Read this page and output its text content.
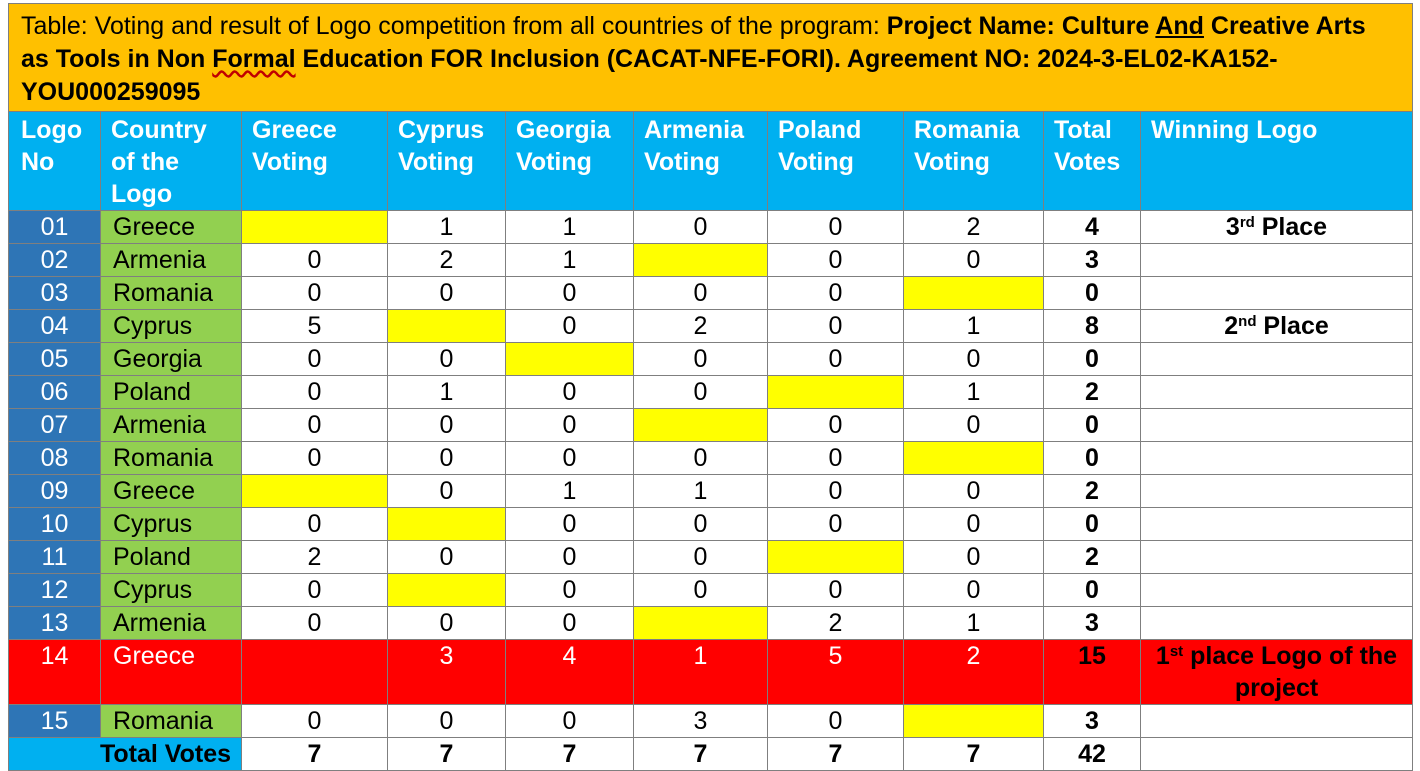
Table: Voting and result of Logo competition from all countries of the program: Project Name: Culture And Creative Arts as Tools in Non Formal Education FOR Inclusion (CACAT-NFE-FORI). Agreement NO: 2024-3-EL02-KA152-YOU000259095									
Logo No	Country of the Logo	Greece Voting	Cyprus Voting	Georgia Voting	Armenia Voting	Poland Voting	Romania Voting	Total Votes	Winning Logo
01	Greece		1	1	0	0	2	4	3rd Place
02	Armenia	0	2	1		0	0	3	
03	Romania	0	0	0	0	0		0	
04	Cyprus	5		0	2	0	1	8	2nd Place
05	Georgia	0	0		0	0	0	0	
06	Poland	0	1	0	0		1	2	
07	Armenia	0	0	0		0	0	0	
08	Romania	0	0	0	0	0		0	
09	Greece		0	1	1	0	0	2	
10	Cyprus	0		0	0	0	0	0	
11	Poland	2	0	0	0		0	2	
12	Cyprus	0		0	0	0	0	0	
13	Armenia	0	0	0		2	1	3	
14	Greece		3	4	1	5	2	15	1st place Logo of the project
15	Romania	0	0	0	3	0		3	
Total Votes		7	7	7	7	7	7	42	
